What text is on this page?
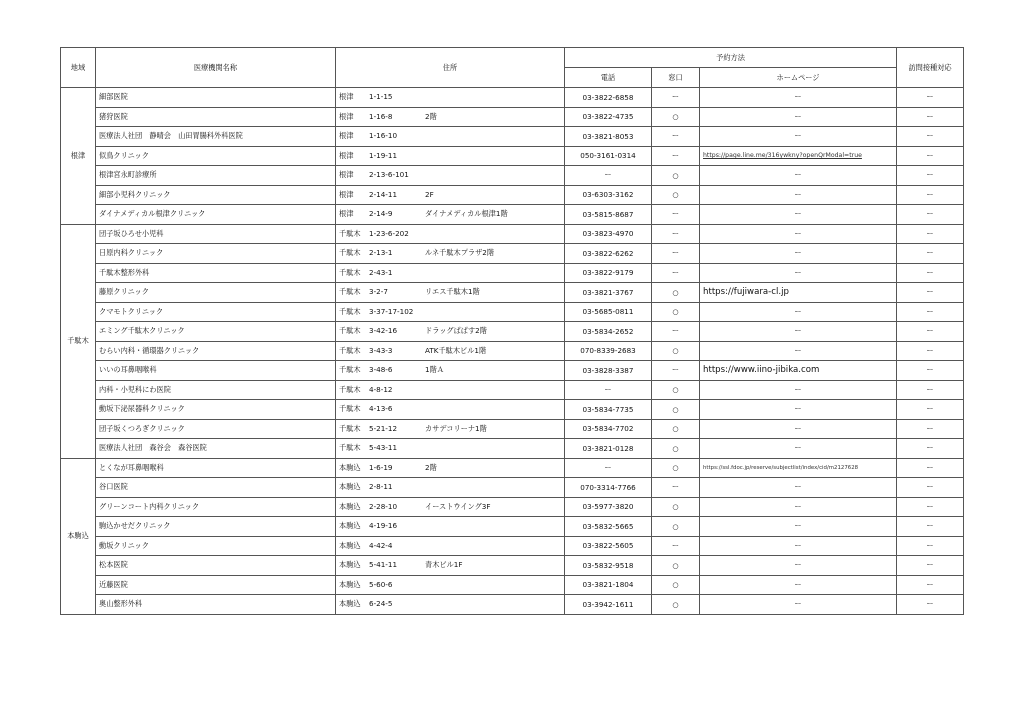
地域	医療機関名称	住所	予約方法			訪問接種対応
			電話	窓口	ホームページ	
根津	細部医院	根津 1-1-15	03-3822-6858	ー	ー	ー
	猪狩医院	根津 1-16-8 2階	03-3822-4735	○	ー	ー
	医療法人社団　静晴会　山田胃腸科外科医院	根津 1-16-10	03-3821-8053	ー	ー	ー
	似鳥クリニック	根津 1-19-11	050-3161-0314	ー	https://page.line.me/316ywkny?openQrModal=true	ー
	根津宮永町診療所	根津 2-13-6-101	ー	○	ー	ー
	細部小児科クリニック	根津 2-14-11 2F	03-6303-3162	○	ー	ー
	ダイナメディカル根津クリニック	根津 2-14-9 ダイナメディカル根津1階	03-5815-8687	ー	ー	ー
千駄木	団子坂ひろせ小児科	千駄木 1-23-6-202	03-3823-4970	ー	ー	ー
	日原内科クリニック	千駄木 2-13-1 ルネ千駄木プラザ2階	03-3822-6262	ー	ー	ー
	千駄木整形外科	千駄木 2-43-1	03-3822-9179	ー	ー	ー
	藤原クリニック	千駄木 3-2-7 リエス千駄木1階	03-3821-3767	○	https://fujiwara-cl.jp	ー
	クマモトクリニック	千駄木 3-37-17-102	03-5685-0811	○	ー	ー
	エミング千駄木クリニック	千駄木 3-42-16 ドラッグぱぱす2階	03-5834-2652	ー	ー	ー
	むらい内科・循環器クリニック	千駄木 3-43-3 ATK千駄木ビル1階	070-8339-2683	○	ー	ー
	いいの耳鼻咽喉科	千駄木 3-48-6 1階Ａ	03-3828-3387	ー	https://www.iino-jibika.com	ー
	内科・小児科にわ医院	千駄木 4-8-12	ー	○	ー	ー
	動坂下泌尿器科クリニック	千駄木 4-13-6	03-5834-7735	○	ー	ー
	団子坂くつろぎクリニック	千駄木 5-21-12 カサデコリーナ1階	03-5834-7702	○	ー	ー
	医療法人社団　森谷会　森谷医院	千駄木 5-43-11	03-3821-0128	○	ー	ー
本駒込	とくなが耳鼻咽喉科	本駒込 1-6-19 2階	ー	○	https://ssl.fdoc.jp/reserve/subjectlist/index/cid/m2127628	ー
	谷口医院	本駒込 2-8-11	070-3314-7766	ー	ー	ー
	グリーンコート内科クリニック	本駒込 2-28-10 イーストウイング3F	03-5977-3820	○	ー	ー
	駒込かせだクリニック	本駒込 4-19-16	03-5832-5665	○	ー	ー
	動坂クリニック	本駒込 4-42-4	03-3822-5605	ー	ー	ー
	松本医院	本駒込 5-41-11 青木ビル1F	03-5832-9518	○	ー	ー
	近藤医院	本駒込 5-60-6	03-3821-1804	○	ー	ー
	奥山整形外科	本駒込 6-24-5	03-3942-1611	○	ー	ー
